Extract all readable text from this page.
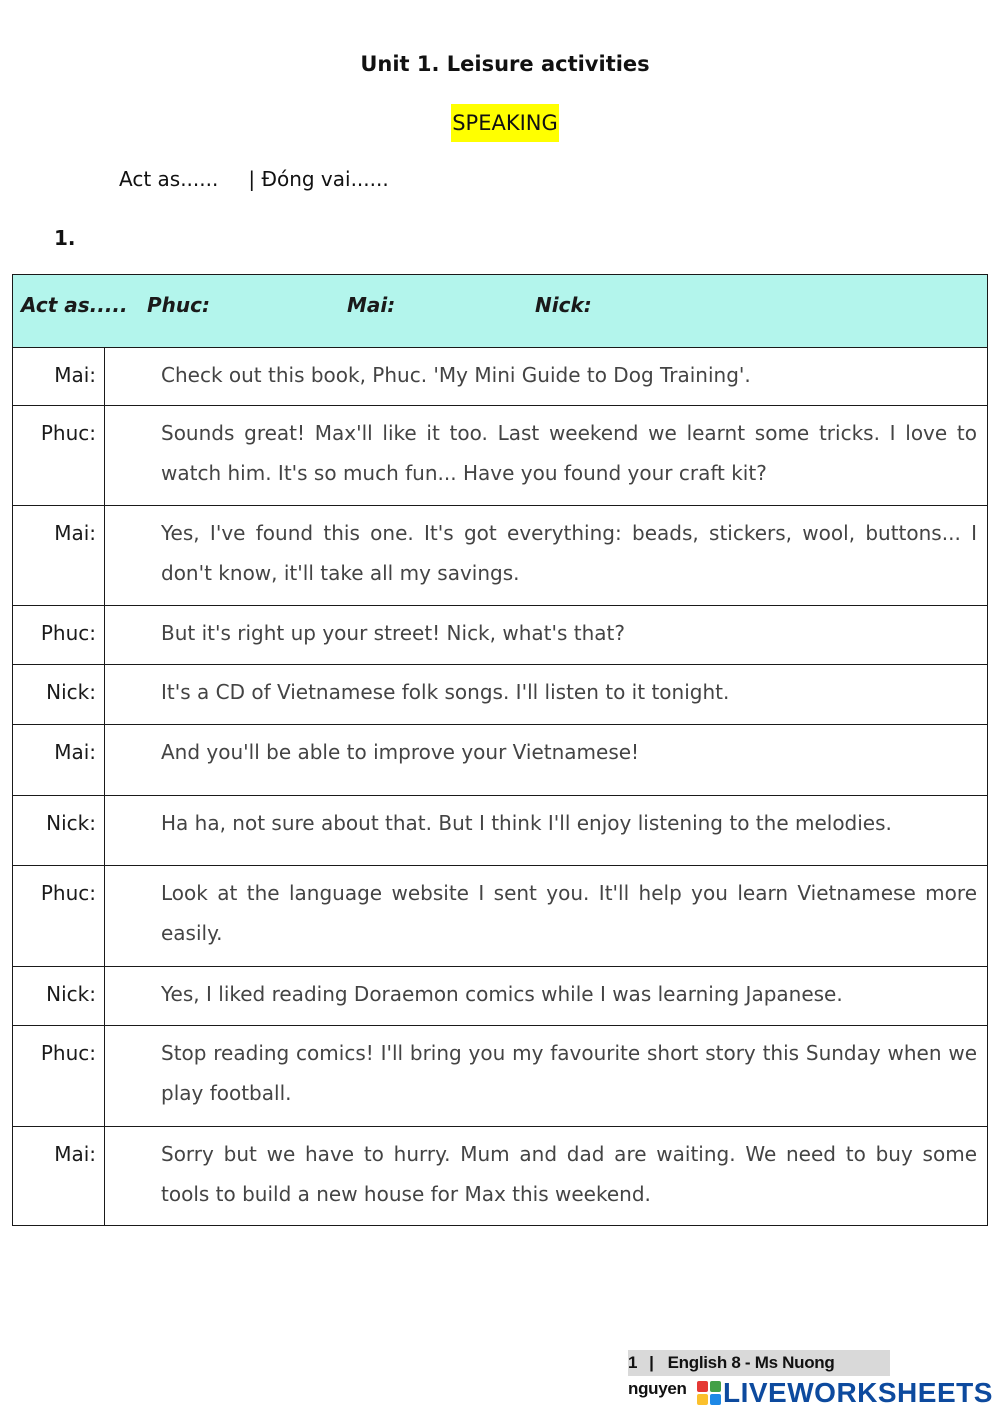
Unit 1. Leisure activities
SPEAKING
Act as...... | Đóng vai......
1.
Act as..... Phuc: Mai: Nick:	

Mai:	Check out this book, Phuc. 'My Mini Guide to Dog Training'.

Phuc:	Sounds great! Max'll like it too. Last weekend we learnt some tricks. I love to watch him. It's so much fun... Have you found your craft kit?

Mai:	Yes, I've found this one. It's got everything: beads, stickers, wool, buttons... I don't know, it'll take all my savings.

Phuc:	But it's right up your street! Nick, what's that?

Nick:	It's a CD of Vietnamese folk songs. I'll listen to it tonight.

Mai:	And you'll be able to improve your Vietnamese!

Nick:	Ha ha, not sure about that. But I think I'll enjoy listening to the melodies.

Phuc:	Look at the language website I sent you. It'll help you learn Vietnamese more easily.

Nick:	Yes, I liked reading Doraemon comics while I was learning Japanese.

Phuc:	Stop reading comics! I'll bring you my favourite short story this Sunday when we play football.

Mai:	Sorry but we have to hurry. Mum and dad are waiting. We need to buy some tools to build a new house for Max this weekend.
1 | English 8 - Ms Nuong nguyen	LIVEWORKSHEETS
